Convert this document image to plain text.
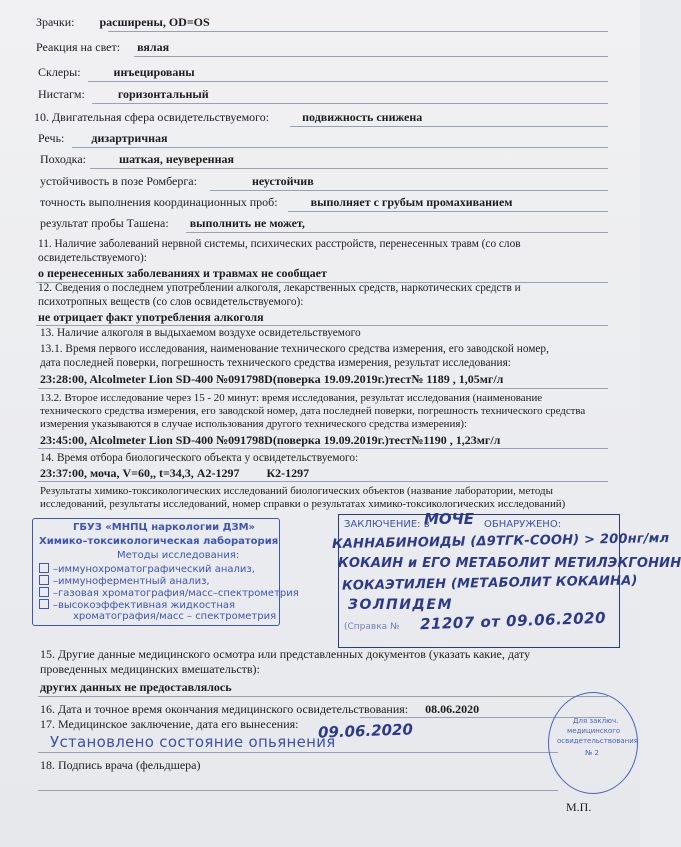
Зрачки: расширены, OD=OS
Реакция на свет: вялая
Склеры:	инъецированы
Нистагм:	горизонтальный
10. Двигательная сфера освидетельствуемого:	подвижность снижена
Речь: дизартричная
Походка:	шаткая, неуверенная
устойчивость в позе Ромберга:	неустойчив
точность выполнения координационных проб:	выполняет с грубым промахиванием
результат пробы Ташена: выполнить не может,
11. Наличие заболеваний нервной системы, психических расстройств, перенесенных травм (со слов
освидетельствуемого):
о перенесенных заболеваниях и травмах не сообщает
12. Сведения о последнем употреблении алкоголя, лекарственных средств, наркотических средств и
психотропных веществ (со слов освидетельствуемого):
не отрицает факт употребления алкоголя
13. Наличие алкоголя в выдыхаемом воздухе освидетельствуемого
13.1. Время первого исследования, наименование технического средства измерения, его заводской номер,
дата последней поверки, погрешность технического средства измерения, результат исследования:
23:28:00, Alcolmeter Lion SD-400 №091798D(поверка 19.09.2019г.)тест№ 1189 , 1,05мг/л
13.2. Второе исследование через 15 - 20 минут: время исследования, результат исследования (наименование
технического средства измерения, его заводской номер, дата последней поверки, погрешность технического средства
измерения указываются в случае использования другого технического средства измерения):
23:45:00, Alcolmeter Lion SD-400 №091798D(поверка 19.09.2019г.)тест№1190 , 1,23мг/л
14. Время отбора биологического объекта у освидетельствуемого:
23:37:00, моча, V=60,, t=34,3, А2-1297 К2-1297
Результаты химико-токсикологических исследований биологических объектов (название лаборатории, методы
исследований, результаты исследований, номер справки о результатах химико-токсикологических исследований)
ГБУЗ «МНПЦ наркологии ДЗМ»
Химико–токсикологическая лаборатория
Методы исследования:
–иммунохроматографический анализ,
–иммуноферментный анализ,
–газовая хроматография/масс–спектрометрия
–высокоэффективная жидкостная
хроматография/масс – спектрометрия
ЗАКЛЮЧЕНИЕ: в
МОЧЕ ОБНАРУЖЕНО:
КАННАБИНОИДЫ (Δ9ТГК-СООН) > 200нг/мл
КОКАИН и ЕГО МЕТАБОЛИТ МЕТИЛЭКГОНИН
КОКАЭТИЛЕН (МЕТАБОЛИТ КОКАИНА)
ЗОЛПИДЕМ
(Справка № 21207 от 09.06.2020
15. Другие данные медицинского осмотра или представленных документов (указать какие, дату
проведенных медицинских вмешательств):
других данных не предоставлялось
16. Дата и точное время окончания медицинского освидетельствования: 08.06.2020
17. Медицинское заключение, дата его вынесения: 09.06.2020
Установлено состояние опьянения
18. Подпись врача (фельдшера)
Для заключ.
медицинского
освидетельствования
№ 2
М.П.
